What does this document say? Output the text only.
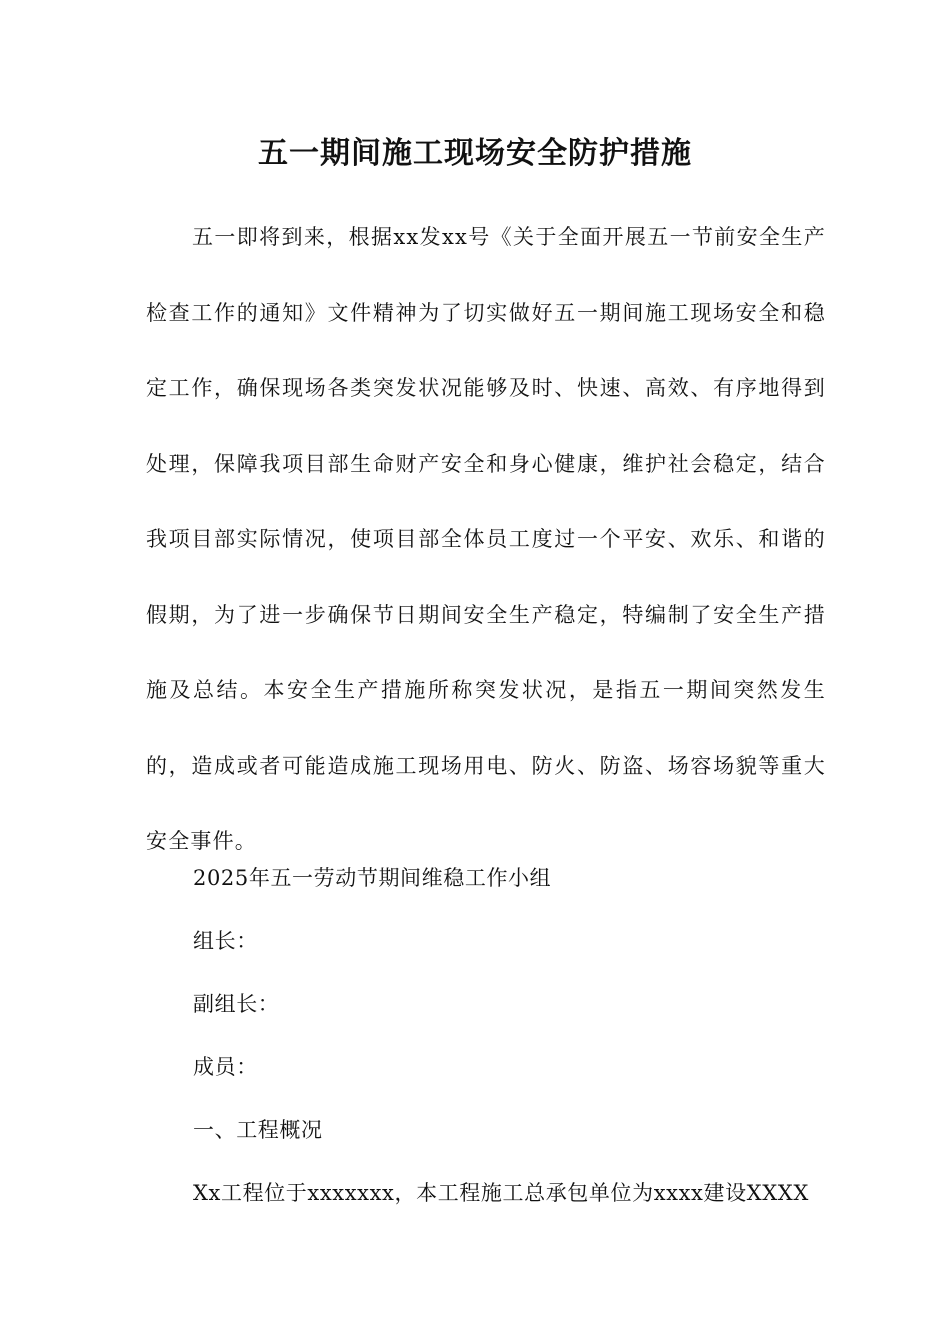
五一期间施工现场安全防护措施

五一即将到来，根据xx发xx号《关于全面开展五一节前安全生产检查工作的通知》文件精神为了切实做好五一期间施工现场安全和稳定工作，确保现场各类突发状况能够及时、快速、高效、有序地得到处理，保障我项目部生命财产安全和身心健康，维护社会稳定，结合我项目部实际情况，使项目部全体员工度过一个平安、欢乐、和谐的假期，为了进一步确保节日期间安全生产稳定，特编制了安全生产措施及总结。本安全生产措施所称突发状况，是指五一期间突然发生的，造成或者可能造成施工现场用电、防火、防盗、场容场貌等重大安全事件。

2025年五一劳动节期间维稳工作小组
组长：
副组长：
成员：
一、工程概况
Xx工程位于xxxxxxx，本工程施工总承包单位为xxxx建设XXXX
